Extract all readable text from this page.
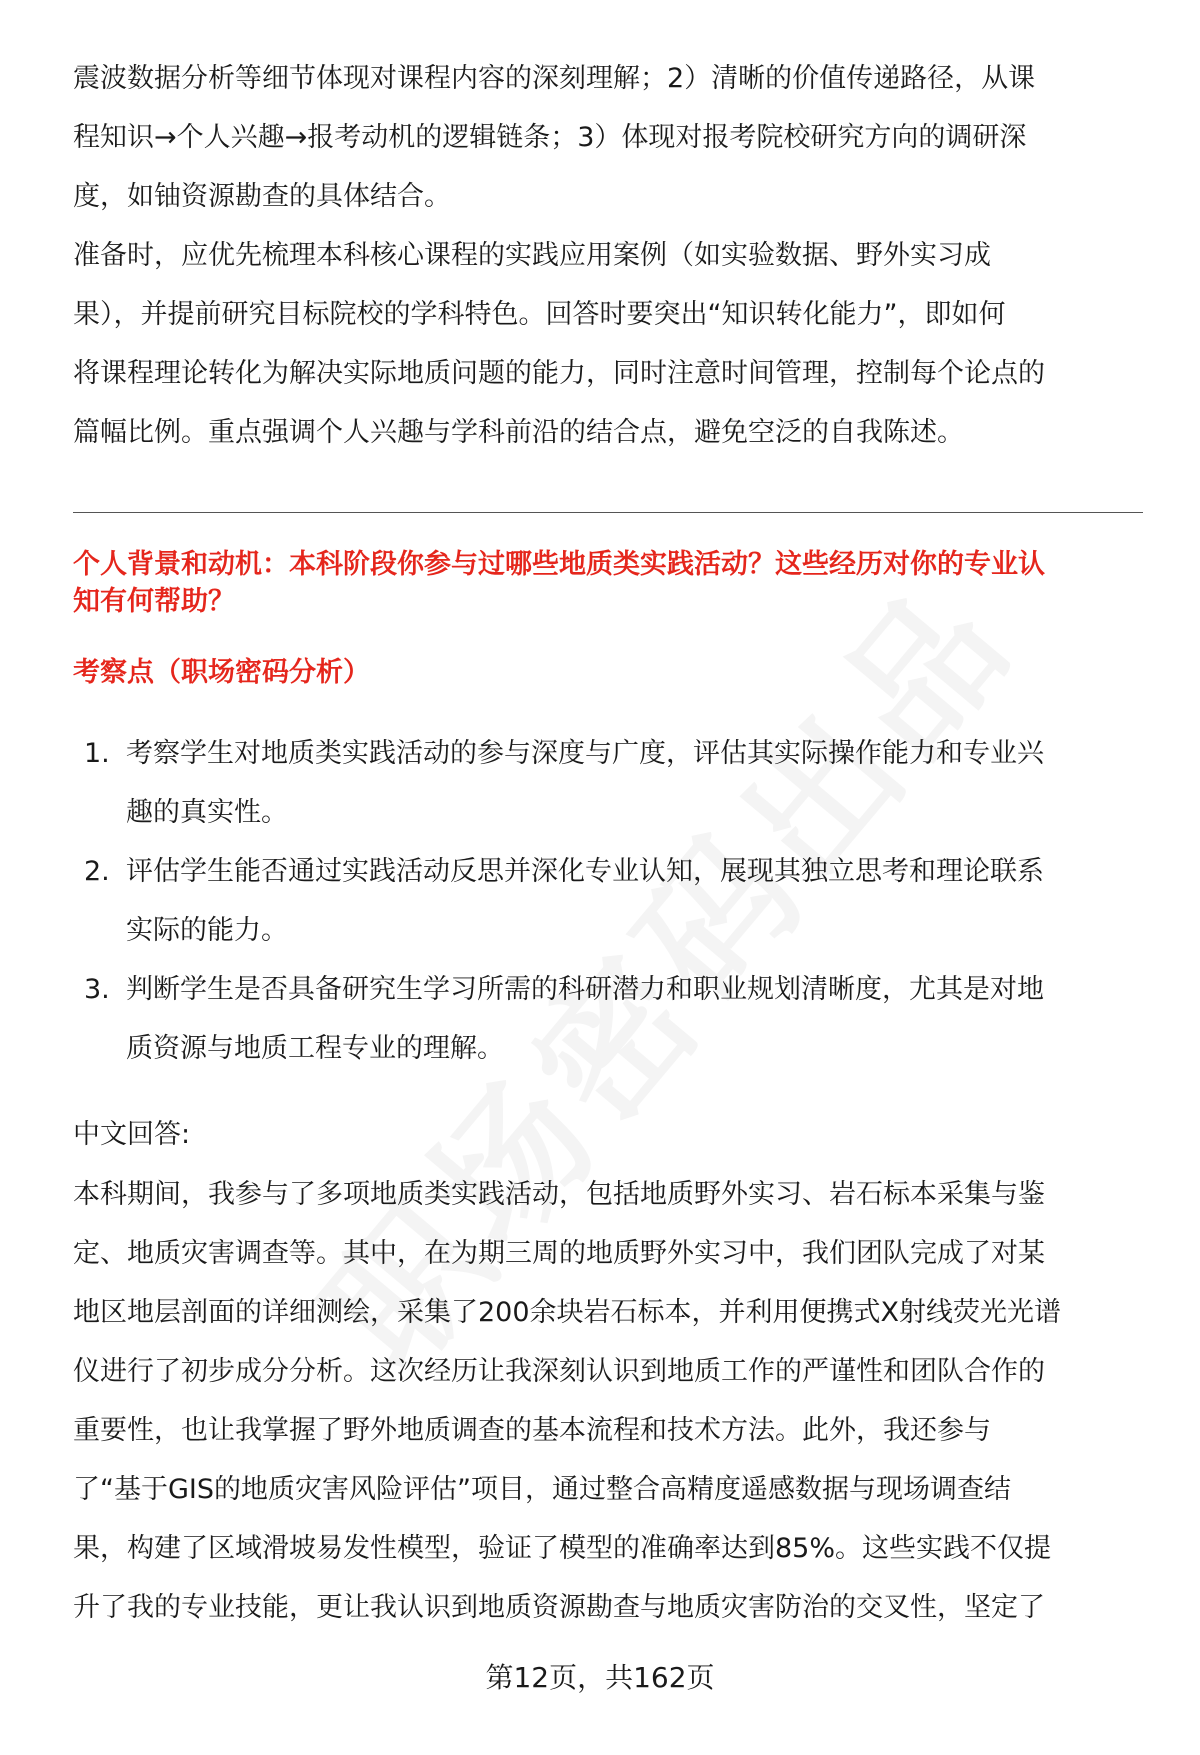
震波数据分析等细节体现对课程内容的深刻理解；2）清晰的价值传递路径，从课
程知识→个人兴趣→报考动机的逻辑链条；3）体现对报考院校研究方向的调研深
度，如铀资源勘查的具体结合。
准备时，应优先梳理本科核心课程的实践应用案例（如实验数据、野外实习成
果），并提前研究目标院校的学科特色。回答时要突出“知识转化能力”，即如何
将课程理论转化为解决实际地质问题的能力，同时注意时间管理，控制每个论点的
篇幅比例。重点强调个人兴趣与学科前沿的结合点，避免空泛的自我陈述。
个人背景和动机：本科阶段你参与过哪些地质类实践活动？这些经历对你的专业认
知有何帮助？
考察点（职场密码分析）
1. 考察学生对地质类实践活动的参与深度与广度，评估其实际操作能力和专业兴
趣的真实性。
2. 评估学生能否通过实践活动反思并深化专业认知，展现其独立思考和理论联系
实际的能力。
3. 判断学生是否具备研究生学习所需的科研潜力和职业规划清晰度，尤其是对地
质资源与地质工程专业的理解。
中文回答:
本科期间，我参与了多项地质类实践活动，包括地质野外实习、岩石标本采集与鉴
定、地质灾害调查等。其中，在为期三周的地质野外实习中，我们团队完成了对某
地区地层剖面的详细测绘，采集了200余块岩石标本，并利用便携式X射线荧光光谱
仪进行了初步成分分析。这次经历让我深刻认识到地质工作的严谨性和团队合作的
重要性，也让我掌握了野外地质调查的基本流程和技术方法。此外，我还参与
了“基于GIS的地质灾害风险评估”项目，通过整合高精度遥感数据与现场调查结
果，构建了区域滑坡易发性模型，验证了模型的准确率达到85%。这些实践不仅提
升了我的专业技能，更让我认识到地质资源勘查与地质灾害防治的交叉性，坚定了
第12页，共162页
